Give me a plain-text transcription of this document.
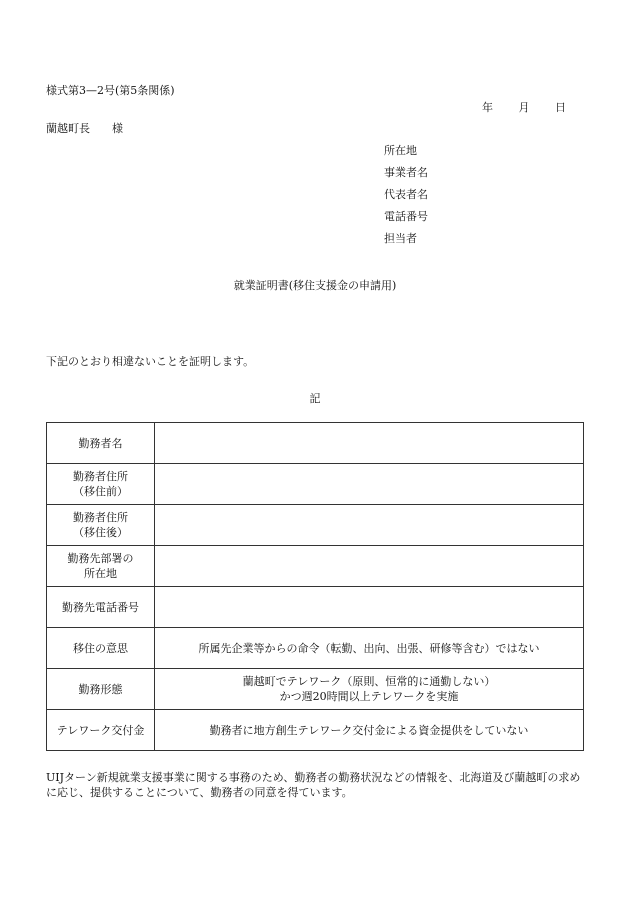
様式第3—2号(第5条関係)
年 月 日
蘭越町長 様
所在地
事業者名
代表者名
電話番号
担当者
就業証明書(移住支援金の申請用)
下記のとおり相違ないことを証明します。
記
勤務者名	

勤務者住所
（移住前）	

勤務者住所
（移住後）	

勤務先部署の
所在地	

勤務先電話番号	

移住の意思	所属先企業等からの命令（転勤、出向、出張、研修等含む）ではない

勤務形態	蘭越町でテレワーク（原則、恒常的に通勤しない）
かつ週20時間以上テレワークを実施

テレワーク交付金	勤務者に地方創生テレワーク交付金による資金提供をしていない
UIJターン新規就業支援事業に関する事務のため、勤務者の勤務状況などの情報を、北海道及び蘭越町の求めに応じ、提供することについて、勤務者の同意を得ています。
